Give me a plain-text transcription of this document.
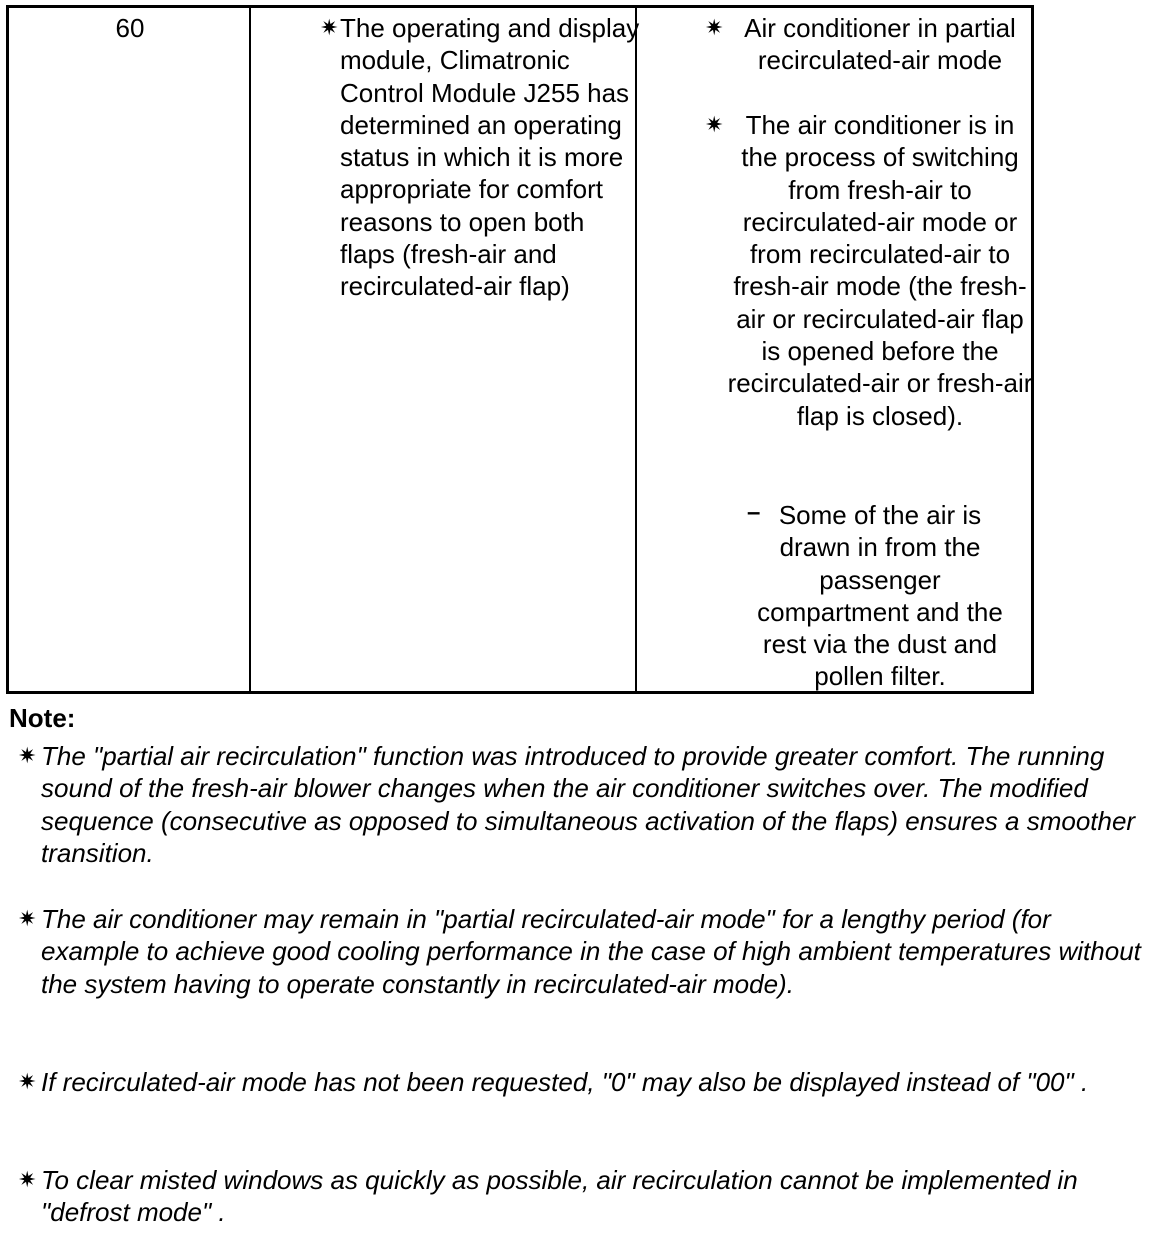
60	✷ The operating and display module, Climatronic Control Module J255 has determined an operating status in which it is more appropriate for comfort reasons to open both flaps (fresh-air and recirculated-air flap)

✷ Air conditioner in partial recirculated-air mode

✷ The air conditioner is in the process of switching from fresh-air to recirculated-air mode or from recirculated-air to fresh-air mode (the fresh-air or recirculated-air flap is opened before the recirculated-air or fresh-air flap is closed).

– Some of the air is drawn in from the passenger compartment and the rest via the dust and pollen filter.

Note:

✷ The "partial air recirculation" function was introduced to provide greater comfort. The running sound of the fresh-air blower changes when the air conditioner switches over. The modified sequence (consecutive as opposed to simultaneous activation of the flaps) ensures a smoother transition.

✷ The air conditioner may remain in "partial recirculated-air mode" for a lengthy period (for example to achieve good cooling performance in the case of high ambient temperatures without the system having to operate constantly in recirculated-air mode).

✷ If recirculated-air mode has not been requested, "0" may also be displayed instead of "00" .

✷ To clear misted windows as quickly as possible, air recirculation cannot be implemented in "defrost mode" .
